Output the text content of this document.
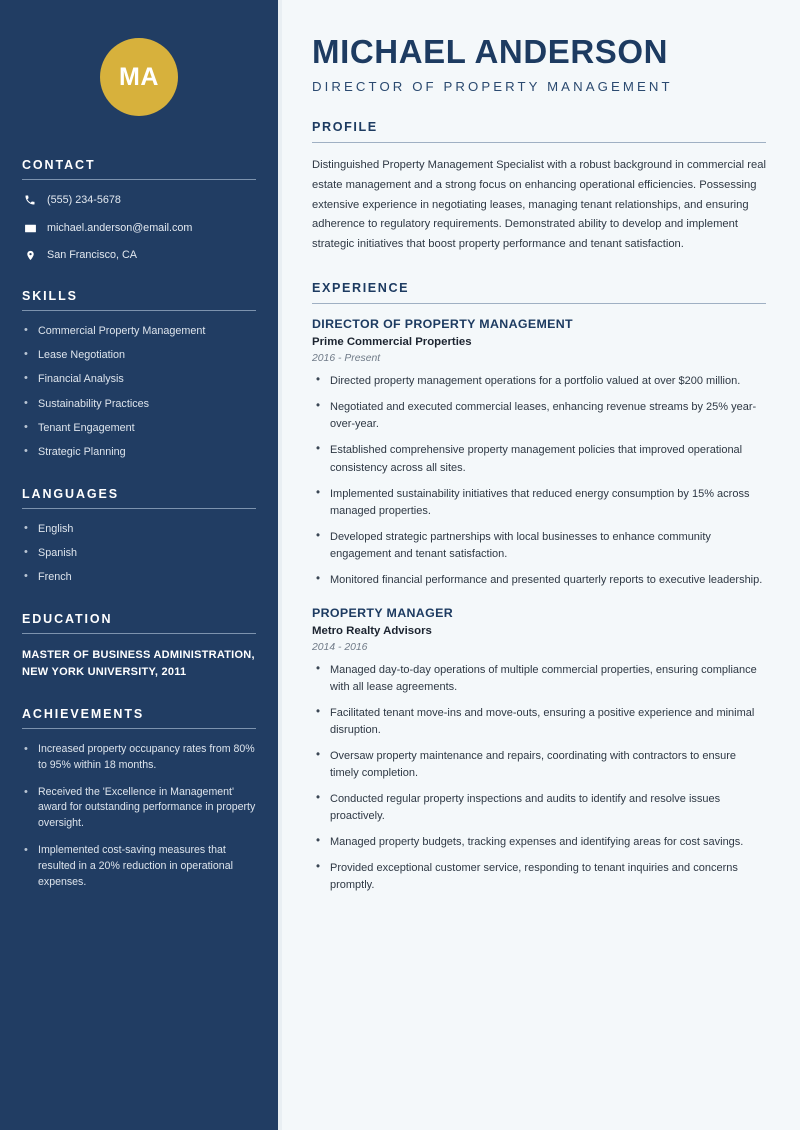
MA
CONTACT
(555) 234-5678
michael.anderson@email.com
San Francisco, CA
SKILLS
• Commercial Property Management
• Lease Negotiation
• Financial Analysis
• Sustainability Practices
• Tenant Engagement
• Strategic Planning
LANGUAGES
• English
• Spanish
• French
EDUCATION
MASTER OF BUSINESS ADMINISTRATION, NEW YORK UNIVERSITY, 2011
ACHIEVEMENTS
• Increased property occupancy rates from 80% to 95% within 18 months.
• Received the 'Excellence in Management' award for outstanding performance in property oversight.
• Implemented cost-saving measures that resulted in a 20% reduction in operational expenses.
MICHAEL ANDERSON
DIRECTOR OF PROPERTY MANAGEMENT
PROFILE

Distinguished Property Management Specialist with a robust background in commercial real estate management and a strong focus on enhancing operational efficiencies. Possessing extensive experience in negotiating leases, managing tenant relationships, and ensuring adherence to regulatory requirements. Demonstrated ability to develop and implement strategic initiatives that boost property performance and tenant satisfaction.

EXPERIENCE
DIRECTOR OF PROPERTY MANAGEMENT
Prime Commercial Properties
2016 - Present
• Directed property management operations for a portfolio valued at over $200 million.
• Negotiated and executed commercial leases, enhancing revenue streams by 25% year-over-year.
• Established comprehensive property management policies that improved operational consistency across all sites.
• Implemented sustainability initiatives that reduced energy consumption by 15% across managed properties.
• Developed strategic partnerships with local businesses to enhance community engagement and tenant satisfaction.
• Monitored financial performance and presented quarterly reports to executive leadership.
PROPERTY MANAGER
Metro Realty Advisors
2014 - 2016
• Managed day-to-day operations of multiple commercial properties, ensuring compliance with all lease agreements.
• Facilitated tenant move-ins and move-outs, ensuring a positive experience and minimal disruption.
• Oversaw property maintenance and repairs, coordinating with contractors to ensure timely completion.
• Conducted regular property inspections and audits to identify and resolve issues proactively.
• Managed property budgets, tracking expenses and identifying areas for cost savings.
• Provided exceptional customer service, responding to tenant inquiries and concerns promptly.
